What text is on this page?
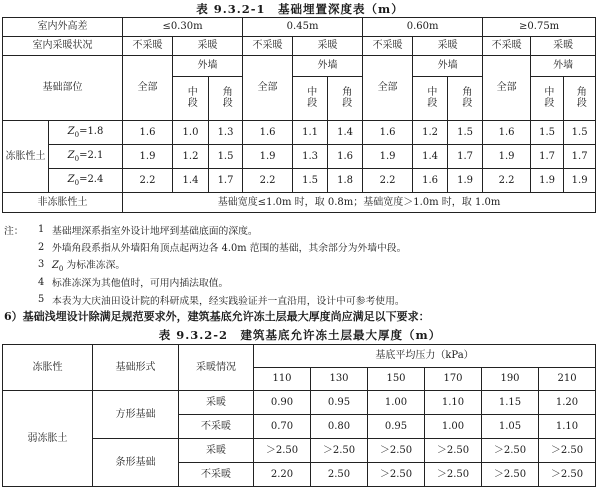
表 9.3.2-1　基础埋置深度表（m）
室内外高差		≤0.30m			0.45m			0.60m			≥0.75m		
室内采暖状况		不采暖	采暖		不采暖	采暖		不采暖	采暖		不采暖	采暖	
基础部位		全部	外墙		全部	外墙		全部	外墙		全部	外墙	
			中段	角段		中段	角段		中段	角段		中段	角段
冻胀性土	$Z_0=1.8$	1.6	1.0	1.3	1.6	1.1	1.4	1.6	1.2	1.5	1.6	1.5	1.5
	$Z_0=2.1$	1.9	1.2	1.5	1.9	1.3	1.6	1.9	1.4	1.7	1.9	1.7	1.7
	$Z_0=2.4$	2.2	1.4	1.7	2.2	1.5	1.8	2.2	1.6	1.9	2.2	1.9	1.9
非冻胀性土		基础宽度≤1.0m 时，取 0.8m；基础宽度＞1.0m 时，取 1.0m											
注：	1 基础埋深系指室外设计地坪到基础底面的深度。
2 外墙角段系指从外墙阳角顶点起两边各 4.0m 范围的基础，其余部分为外墙中段。
3 $Z_0$ 为标准冻深。
4 标准冻深为其他值时，可用内插法取值。
5 本表为大庆油田设计院的科研成果，经实践验证并一直沿用，设计中可参考使用。
6）基础浅埋设计除满足规范要求外，建筑基底允许冻土层最大厚度尚应满足以下要求：
表 9.3.2-2　建筑基底允许冻土层最大厚度（m）
冻胀性	基础形式	采暖情况	基底平均压力（kPa）					
			110	130	150	170	190	210
弱冻胀土	方形基础	采暖	0.90	0.95	1.00	1.10	1.15	1.20
		不采暖	0.70	0.80	0.95	1.00	1.05	1.10
	条形基础	采暖	＞2.50	＞2.50	＞2.50	＞2.50	＞2.50	＞2.50
		不采暖	2.20	2.50	＞2.50	＞2.50	＞2.50	＞2.50
